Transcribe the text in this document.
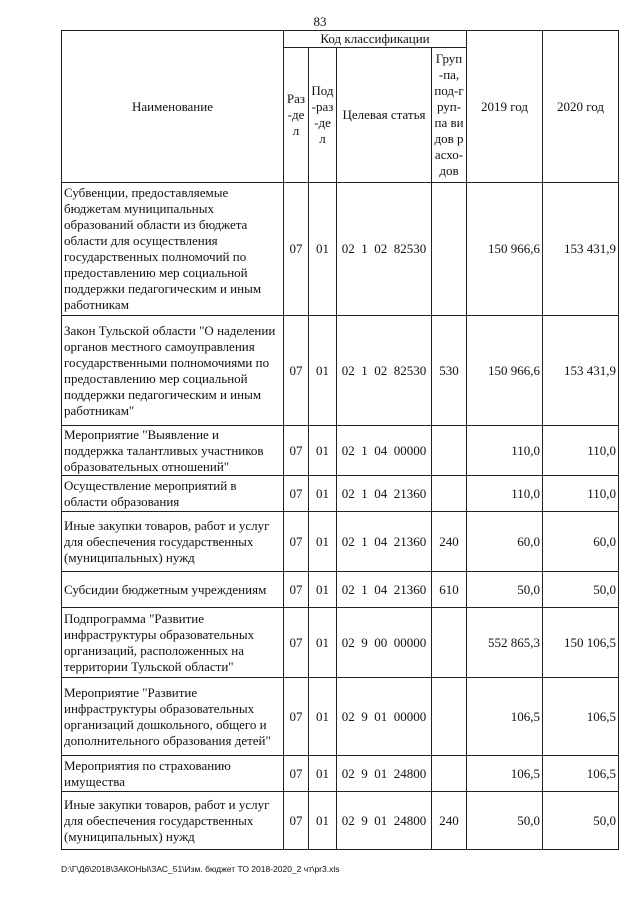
83
Наименование	Код классификации				2019 год	2020 год
	Раз-дел	Под-раз-дел	Целевая статья	Груп-па, под-груп-па видов расхо-дов		
Субвенции, предоставляемые бюджетам муниципальных образований области из бюджета области для осуществления государственных полномочий по предоставлению мер социальной поддержки педагогическим и иным работникам	07	01	02  1  02  82530		150 966,6	153 431,9
Закон Тульской области "О наделении органов местного самоуправления государственными полномочиями по предоставлению мер социальной поддержки педагогическим и иным работникам"	07	01	02  1  02  82530	530	150 966,6	153 431,9
Мероприятие "Выявление и поддержка талантливых участников образовательных отношений"	07	01	02  1  04  00000		110,0	110,0
Осуществление мероприятий в области образования	07	01	02  1  04  21360		110,0	110,0
Иные закупки товаров, работ и услуг для обеспечения государственных (муниципальных) нужд	07	01	02  1  04  21360	240	60,0	60,0
Субсидии бюджетным учреждениям	07	01	02  1  04  21360	610	50,0	50,0
Подпрограмма "Развитие инфраструктуры образовательных организаций, расположенных на территории Тульской области"	07	01	02  9  00  00000		552 865,3	150 106,5
Мероприятие "Развитие инфраструктуры образовательных организаций дошкольного, общего и дополнительного образования детей"	07	01	02  9  01  00000		106,5	106,5
Мероприятия по страхованию имущества	07	01	02  9  01  24800		106,5	106,5
Иные закупки товаров, работ и услуг для обеспечения государственных (муниципальных) нужд	07	01	02  9  01  24800	240	50,0	50,0
D:\Г\Д6\2018\ЗАКОНЫ\ЗАС_51\Изм. бюджет ТО 2018-2020_2 чт\pr3.xls
